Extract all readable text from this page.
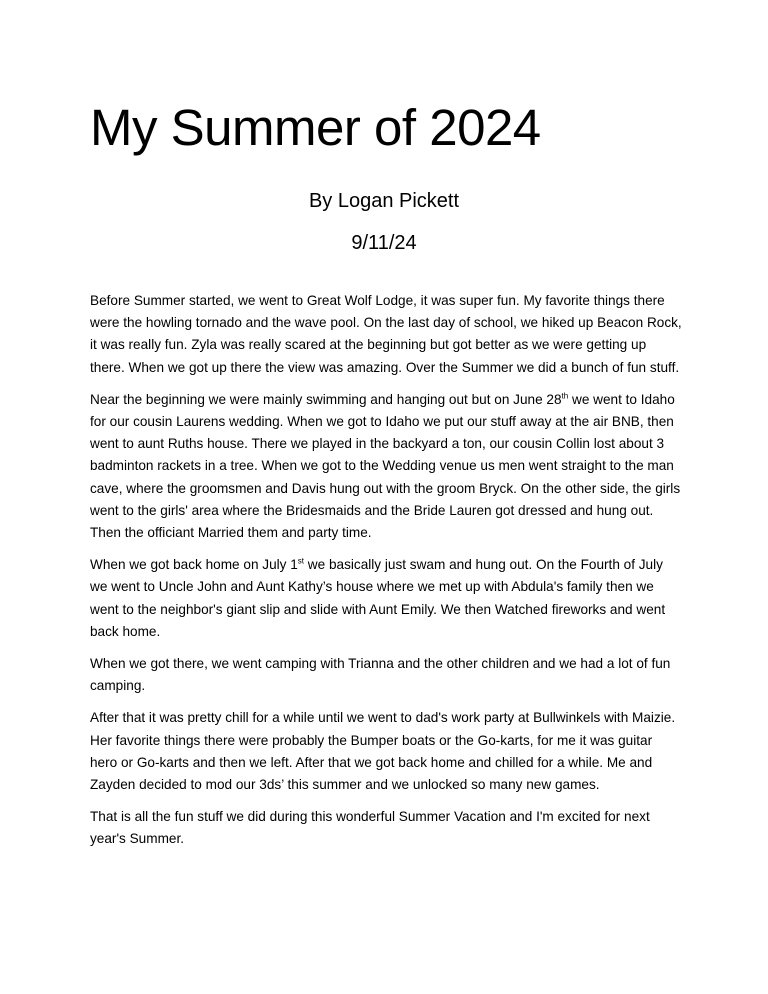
My Summer of 2024

By Logan Pickett

9/11/24

Before Summer started, we went to Great Wolf Lodge, it was super fun. My favorite things there were the howling tornado and the wave pool. On the last day of school, we hiked up Beacon Rock, it was really fun. Zyla was really scared at the beginning but got better as we were getting up there. When we got up there the view was amazing. Over the Summer we did a bunch of fun stuff.

Near the beginning we were mainly swimming and hanging out but on June 28th we went to Idaho for our cousin Laurens wedding. When we got to Idaho we put our stuff away at the air BNB, then went to aunt Ruths house. There we played in the backyard a ton, our cousin Collin lost about 3 badminton rackets in a tree. When we got to the Wedding venue us men went straight to the man cave, where the groomsmen and Davis hung out with the groom Bryck. On the other side, the girls went to the girls' area where the Bridesmaids and the Bride Lauren got dressed and hung out. Then the officiant Married them and party time.

When we got back home on July 1st we basically just swam and hung out. On the Fourth of July we went to Uncle John and Aunt Kathy’s house where we met up with Abdula's family then we went to the neighbor's giant slip and slide with Aunt Emily. We then Watched fireworks and went back home.

When we got there, we went camping with Trianna and the other children and we had a lot of fun camping.

After that it was pretty chill for a while until we went to dad's work party at Bullwinkels with Maizie. Her favorite things there were probably the Bumper boats or the Go-karts, for me it was guitar hero or Go-karts and then we left. After that we got back home and chilled for a while. Me and Zayden decided to mod our 3ds’ this summer and we unlocked so many new games.

That is all the fun stuff we did during this wonderful Summer Vacation and I'm excited for next year's Summer.
